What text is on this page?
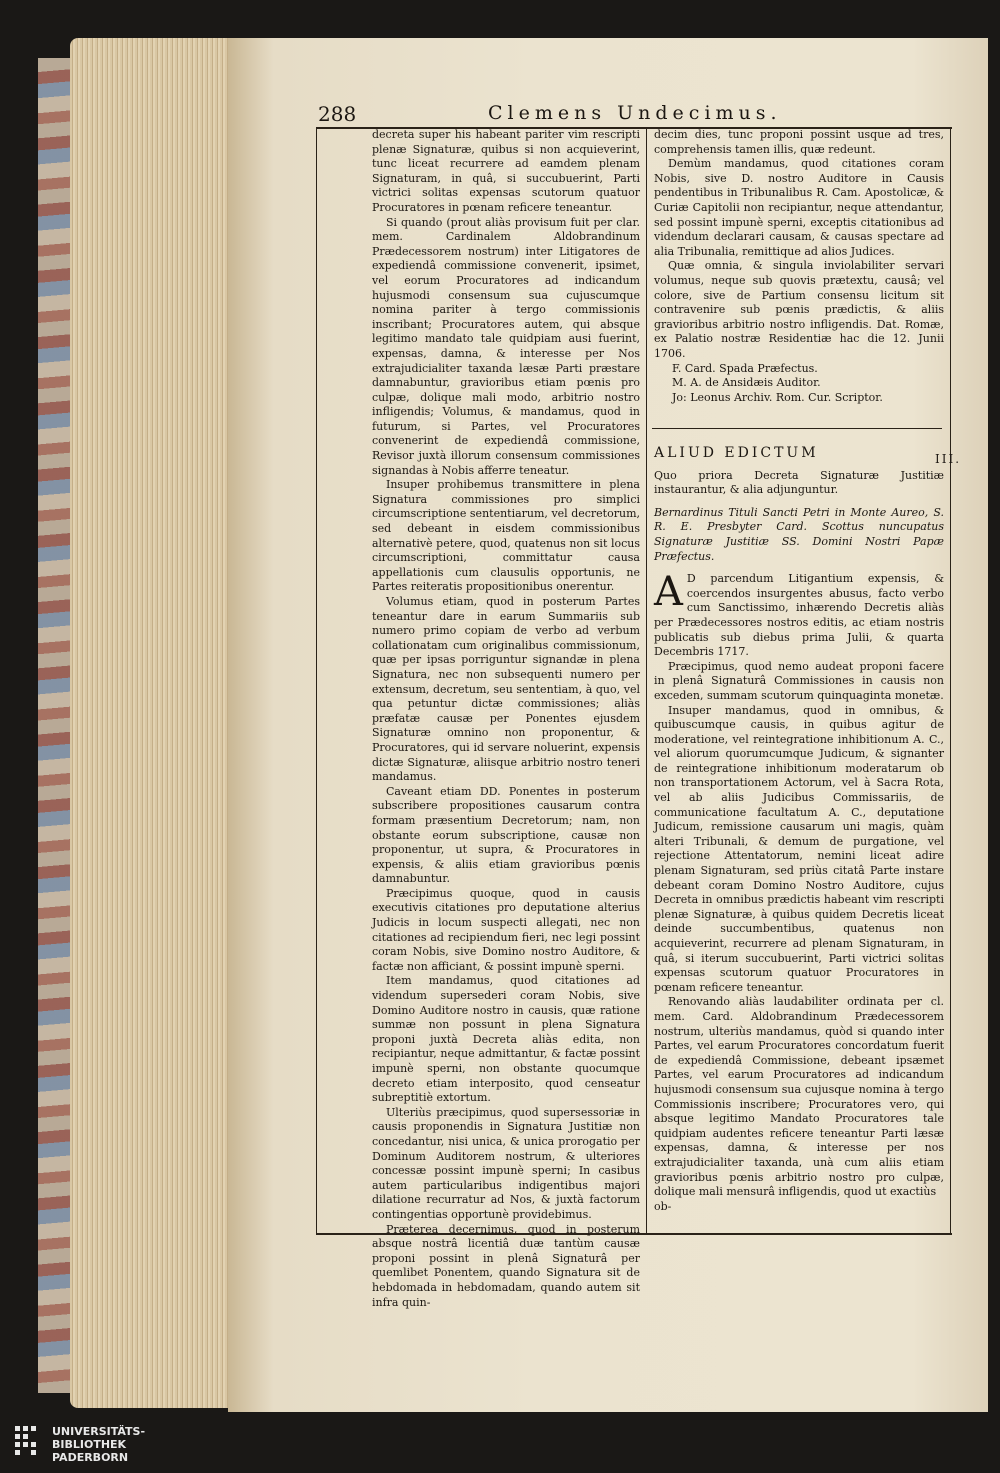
288	Clemens Undecimus.

decreta super his habeant pariter vim rescripti plenæ Signaturæ, quibus si non acquieverint, tunc liceat recurrere ad eamdem plenam Signaturam, in quâ, si succubuerint, Parti victrici solitas expensas scutorum quatuor Procuratores in pœnam reficere teneantur.

Si quando (prout aliàs provisum fuit per clar. mem. Cardinalem Aldobrandinum Prædecessorem nostrum) inter Litigatores de expediendâ commissione convenerit, ipsimet, vel eorum Procuratores ad indicandum hujusmodi consensum sua cujuscumque nomina pariter à tergo commissionis inscribant; Procuratores autem, qui absque legitimo mandato tale quidpiam ausi fuerint, expensas, damna, & interesse per Nos extrajudicialiter taxanda læsæ Parti præstare damnabuntur, gravioribus etiam pœnis pro culpæ, dolique mali modo, arbitrio nostro infligendis; Volumus, & mandamus, quod in futurum, si Partes, vel Procuratores convenerint de expediendâ commissione, Revisor juxtà illorum consensum commissiones signandas à Nobis afferre teneatur.

Insuper prohibemus transmittere in plena Signatura commissiones pro simplici circumscriptione sententiarum, vel decretorum, sed debeant in eisdem commissionibus alternativè petere, quod, quatenus non sit locus circumscriptioni, committatur causa appellationis cum clausulis opportunis, ne Partes reiteratis propositionibus onerentur.

Volumus etiam, quod in posterum Partes teneantur dare in earum Summariis sub numero primo copiam de verbo ad verbum collationatam cum originalibus commissionum, quæ per ipsas porriguntur signandæ in plena Signatura, nec non subsequenti numero per extensum, decretum, seu sententiam, à quo, vel qua petuntur dictæ commissiones; aliàs præfatæ causæ per Ponentes ejusdem Signaturæ omnino non proponentur, & Procuratores, qui id servare noluerint, expensis dictæ Signaturæ, aliisque arbitrio nostro teneri mandamus.

Caveant etiam DD. Ponentes in posterum subscribere propositiones causarum contra formam præsentium Decretorum; nam, non obstante eorum subscriptione, causæ non proponentur, ut supra, & Procuratores in expensis, & aliis etiam gravioribus pœnis damnabuntur.

Præcipimus quoque, quod in causis executivis citationes pro deputatione alterius Judicis in locum suspecti allegati, nec non citationes ad recipiendum fieri, nec legi possint coram Nobis, sive Domino nostro Auditore, & factæ non afficiant, & possint impunè sperni.

Item mandamus, quod citationes ad videndum supersederi coram Nobis, sive Domino Auditore nostro in causis, quæ ratione summæ non possunt in plena Signatura proponi juxtà Decreta aliàs edita, non recipiantur, neque admittantur, & factæ possint impunè sperni, non obstante quocumque decreto etiam interposito, quod censeatur subreptitiè extortum.

Ulteriùs præcipimus, quod supersessoriæ in causis proponendis in Signatura Justitiæ non concedantur, nisi unica, & unica prorogatio per Dominum Auditorem nostrum, & ulteriores concessæ possint impunè sperni; In casibus autem particularibus indigentibus majori dilatione recurratur ad Nos, & juxtà factorum contingentias opportunè providebimus.

Præterea decernimus, quod in posterum absque nostrâ licentiâ duæ tantùm causæ proponi possint in plenâ Signaturâ per quemlibet Ponentem, quando Signatura sit de hebdomada in hebdomadam, quando autem sit infra quin-

decim dies, tunc proponi possint usque ad tres, comprehensis tamen illis, quæ redeunt.

Demùm mandamus, quod citationes coram Nobis, sive D. nostro Auditore in Causis pendentibus in Tribunalibus R. Cam. Apostolicæ, & Curiæ Capitolii non recipiantur, neque attendantur, sed possint impunè sperni, exceptis citationibus ad videndum declarari causam, & causas spectare ad alia Tribunalia, remittique ad alios Judices.

Quæ omnia, & singula inviolabiliter servari volumus, neque sub quovis prætextu, causâ; vel colore, sive de Partium consensu licitum sit contravenire sub pœnis prædictis, & aliis gravioribus arbitrio nostro infligendis. Dat. Romæ, ex Palatio nostræ Residentiæ hac die 12. Junii 1706.

F. Card. Spada Præfectus.
M. A. de Ansidæis Auditor.
Jo: Leonus Archiv. Rom. Cur. Scriptor.
III.

ALIUD EDICTUM

Quo priora Decreta Signaturæ Justitiæ instaurantur, & alia adjunguntur.

Bernardinus Tituli Sancti Petri in Monte Aureo, S. R. E. Presbyter Card. Scottus nuncupatus Signaturæ Justitiæ SS. Domini Nostri Papæ Præfectus.

A D parcendum Litigantium expensis, & coercendos insurgentes abusus, facto verbo cum Sanctissimo, inhærendo Decretis aliàs per Prædecessores nostros editis, ac etiam nostris publicatis sub diebus prima Julii, & quarta Decembris 1717.

Præcipimus, quod nemo audeat proponi facere in plenâ Signaturâ Commissiones in causis non exceden, summam scutorum quinquaginta monetæ.

Insuper mandamus, quod in omnibus, & quibuscumque causis, in quibus agitur de moderatione, vel reintegratione inhibitionum A. C., vel aliorum quorumcumque Judicum, & signanter de reintegratione inhibitionum moderatarum ob non transportationem Actorum, vel à Sacra Rota, vel ab aliis Judicibus Commissariis, de communicatione facultatum A. C., deputatione Judicum, remissione causarum uni magis, quàm alteri Tribunali, & demum de purgatione, vel rejectione Attentatorum, nemini liceat adire plenam Signaturam, sed priùs citatâ Parte instare debeant coram Domino Nostro Auditore, cujus Decreta in omnibus prædictis habeant vim rescripti plenæ Signaturæ, à quibus quidem Decretis liceat deinde succumbentibus, quatenus non acquieverint, recurrere ad plenam Signaturam, in quâ, si iterum succubuerint, Parti victrici solitas expensas scutorum quatuor Procuratores in pœnam reficere teneantur.

Renovando aliàs laudabiliter ordinata per cl. mem. Card. Aldobrandinum Prædecessorem nostrum, ulteriùs mandamus, quòd si quando inter Partes, vel earum Procuratores concordatum fuerit de expediendâ Commissione, debeant ipsæmet Partes, vel earum Procuratores ad indicandum hujusmodi consensum sua cujusque nomina à tergo Commissionis inscribere; Procuratores vero, qui absque legitimo Mandato Procuratores tale quidpiam audentes reficere teneantur Parti læsæ expensas, damna, & interesse per nos extrajudicialiter taxanda, unà cum aliis etiam gravioribus pœnis arbitrio nostro pro culpæ, dolique mali mensurâ infligendis, quod ut exactiùs

ob-

UNIVERSITÄTS-
BIBLIOTHEK
PADERBORN
